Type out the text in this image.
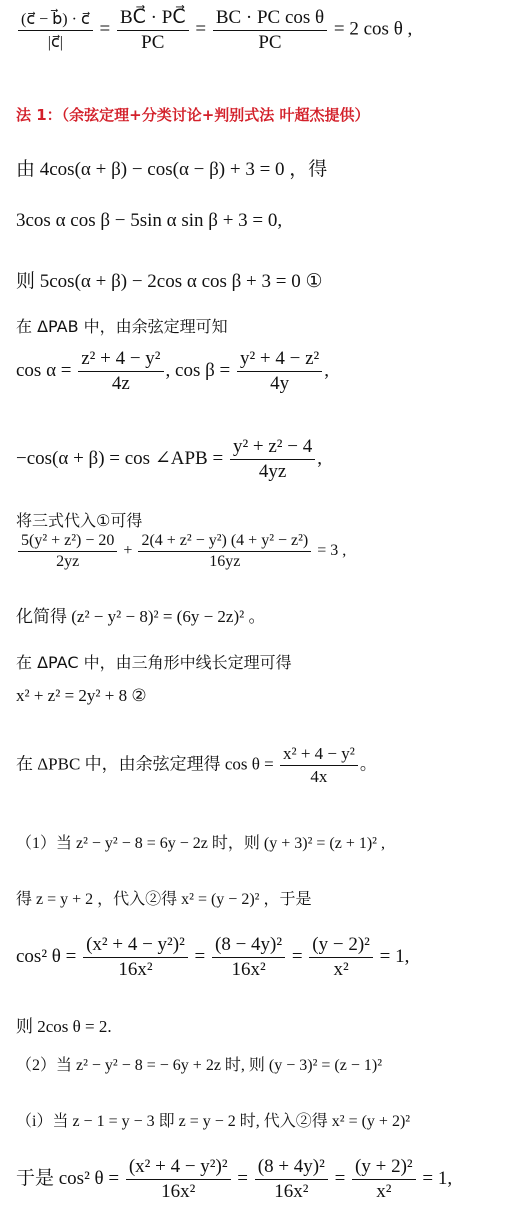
$\frac{(c⃗ - b⃗) \cdot c⃗}{|c⃗|} = \frac{BC⃗ \cdot PC⃗}{PC} = \frac{\text{BC · PC cos θ}}{PC} = 2$ cos θ ,
法 1：（余弦定理+分类讨论+判别式法 叶超杰提供）
由 4cos(α + β) − cos(α − β) + 3 = 0 ，得
3cos α cos β − 5sin α sin β + 3 = 0,
则 5cos(α + β) − 2cos α cos β + 3 = 0 ①
在 ΔPAB 中，由余弦定理可知
$\cos \alpha = \frac{\text{z² + 4 − y²}}{4z}$ , $\cos \beta = \frac{\text{y² + 4 − z²}}{4y}$ ,
−cos(α + β) = cos ∠APB = $\frac{\text{y² + z² − 4}}{4yz}$ ,
将三式代入①可得
$\frac{\text{5(y² + z²) − 20}}{2yz} + \frac{\text{2(4 + z² − y²) (4 + y² − z²)}}{16yz} = 3$ ,
化简得 (z² − y² − 8)² = (6y − 2z)² 。
在 ΔPAC 中，由三角形中线长定理可得
x² + z² = 2y² + 8 ②
在 ΔPBC 中，由余弦定理得 $\cos \theta = \frac{\text{x² + 4 − y²}}{4x}$ 。
（1）当 z² − y² − 8 = 6y − 2z 时，则 (y + 3)² = (z + 1)² ,
得 z = y + 2 ，代入②得 x² = (y − 2)² ，于是
cos² $\theta = \frac{\text{(x² + 4 − y²)²}}{\text{16x²}} = \frac{\text{(8 − 4y)²}}{\text{16x²}} = \frac{\text{(y − 2)²}}{\text{x²}} = 1$,
则 2cos θ = 2.
（2）当 z² − y² − 8 = − 6y + 2z 时, 则 (y − 3)² = (z − 1)²
（i）当 z − 1 = y − 3 即 z = y − 2 时, 代入②得 x² = (y + 2)²
于是 cos² $\theta = \frac{\text{(x² + 4 − y²)²}}{\text{16x²}} = \frac{\text{(8 + 4y)²}}{\text{16x²}} = \frac{\text{(y + 2)²}}{\text{x²}} = 1$,
